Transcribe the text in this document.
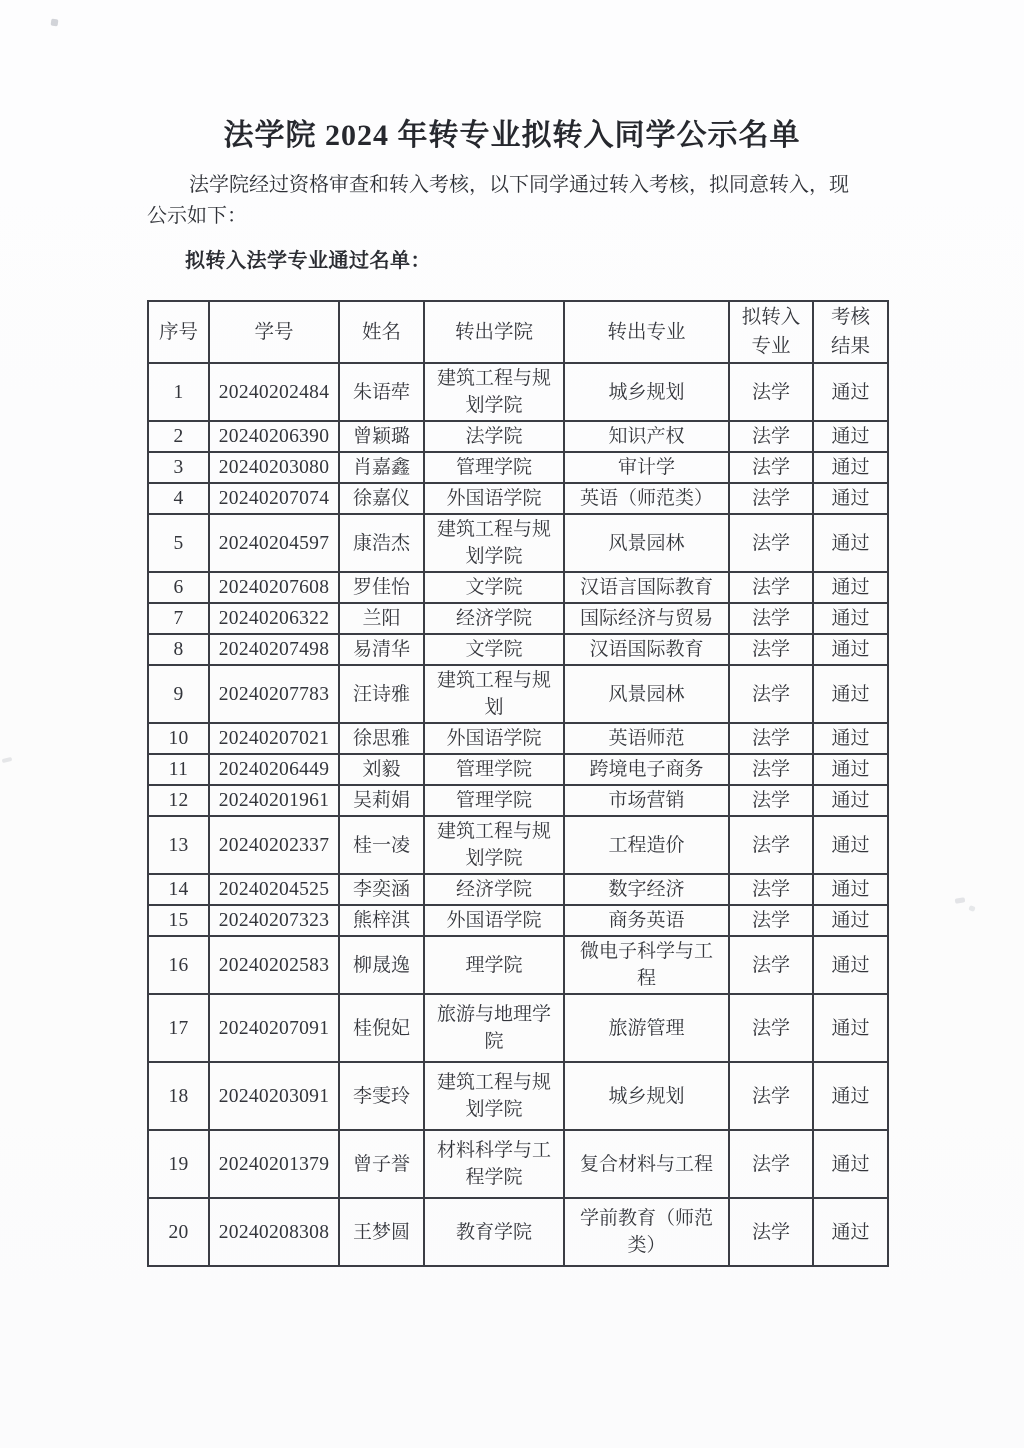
法学院 2024 年转专业拟转入同学公示名单

法学院经过资格审查和转入考核，以下同学通过转入考核，拟同意转入，现
公示如下：

拟转入法学专业通过名单：

序号	学号	姓名	转出学院	转出专业	拟转入专业	考核结果
1	20240202484	朱语荦	建筑工程与规划学院	城乡规划	法学	通过
2	20240206390	曾颖璐	法学院	知识产权	法学	通过
3	20240203080	肖嘉鑫	管理学院	审计学	法学	通过
4	20240207074	徐嘉仪	外国语学院	英语（师范类）	法学	通过
5	20240204597	康浩杰	建筑工程与规划学院	风景园林	法学	通过
6	20240207608	罗佳怡	文学院	汉语言国际教育	法学	通过
7	20240206322	兰阳	经济学院	国际经济与贸易	法学	通过
8	20240207498	易清华	文学院	汉语国际教育	法学	通过
9	20240207783	汪诗雅	建筑工程与规划	风景园林	法学	通过
10	20240207021	徐思雅	外国语学院	英语师范	法学	通过
11	20240206449	刘毅	管理学院	跨境电子商务	法学	通过
12	20240201961	吴莉娟	管理学院	市场营销	法学	通过
13	20240202337	桂一凌	建筑工程与规划学院	工程造价	法学	通过
14	20240204525	李奕涵	经济学院	数字经济	法学	通过
15	20240207323	熊梓淇	外国语学院	商务英语	法学	通过
16	20240202583	柳晟逸	理学院	微电子科学与工程	法学	通过
17	20240207091	桂倪妃	旅游与地理学院	旅游管理	法学	通过
18	20240203091	李雯玲	建筑工程与规划学院	城乡规划	法学	通过
19	20240201379	曾子誉	材料科学与工程学院	复合材料与工程	法学	通过
20	20240208308	王梦圆	教育学院	学前教育（师范类）	法学	通过
